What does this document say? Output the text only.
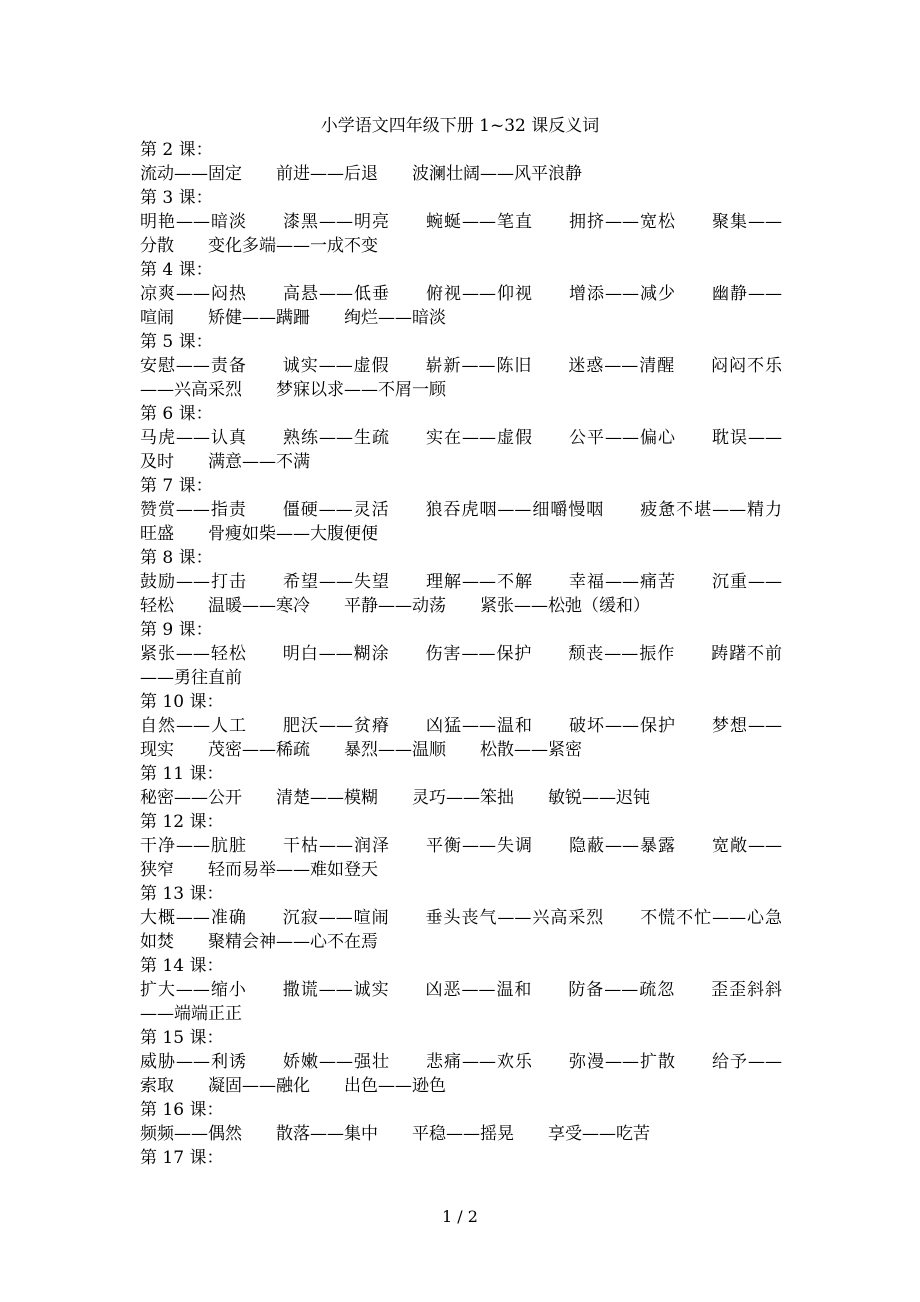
小学语文四年级下册 1~32 课反义词
第 2 课：
流动——固定　　前进——后退　　波澜壮阔——风平浪静
第 3 课：
明艳——暗淡　　漆黑——明亮　　蜿蜒——笔直　　拥挤——宽松　　聚集——
分散　　变化多端——一成不变
第 4 课：
凉爽——闷热　　高悬——低垂　　俯视——仰视　　增添——减少　　幽静——
喧闹　　矫健——蹒跚　　绚烂——暗淡
第 5 课：
安慰——责备　　诚实——虚假　　崭新——陈旧　　迷惑——清醒　　闷闷不乐
——兴高采烈　　梦寐以求——不屑一顾
第 6 课：
马虎——认真　　熟练——生疏　　实在——虚假　　公平——偏心　　耽误——
及时　　满意——不满
第 7 课：
赞赏——指责　　僵硬——灵活　　狼吞虎咽——细嚼慢咽　　疲惫不堪——精力
旺盛　　骨瘦如柴——大腹便便
第 8 课：
鼓励——打击　　希望——失望　　理解——不解　　幸福——痛苦　　沉重——
轻松　　温暖——寒冷　　平静——动荡　　紧张——松弛（缓和）
第 9 课：
紧张——轻松　　明白——糊涂　　伤害——保护　　颓丧——振作　　踌躇不前
——勇往直前
第 10 课：
自然——人工　　肥沃——贫瘠　　凶猛——温和　　破坏——保护　　梦想——
现实　　茂密——稀疏　　暴烈——温顺　　松散——紧密
第 11 课：
秘密——公开　　清楚——模糊　　灵巧——笨拙　　敏锐——迟钝
第 12 课：
干净——肮脏　　干枯——润泽　　平衡——失调　　隐蔽——暴露　　宽敞——
狭窄　　轻而易举——难如登天
第 13 课：
大概——准确　　沉寂——喧闹　　垂头丧气——兴高采烈　　不慌不忙——心急
如焚　　聚精会神——心不在焉
第 14 课：
扩大——缩小　　撒谎——诚实　　凶恶——温和　　防备——疏忽　　歪歪斜斜
——端端正正
第 15 课：
威胁——利诱　　娇嫩——强壮　　悲痛——欢乐　　弥漫——扩散　　给予——
索取　　凝固——融化　　出色——逊色
第 16 课：
频频——偶然　　散落——集中　　平稳——摇晃　　享受——吃苦
第 17 课：
1 / 2
